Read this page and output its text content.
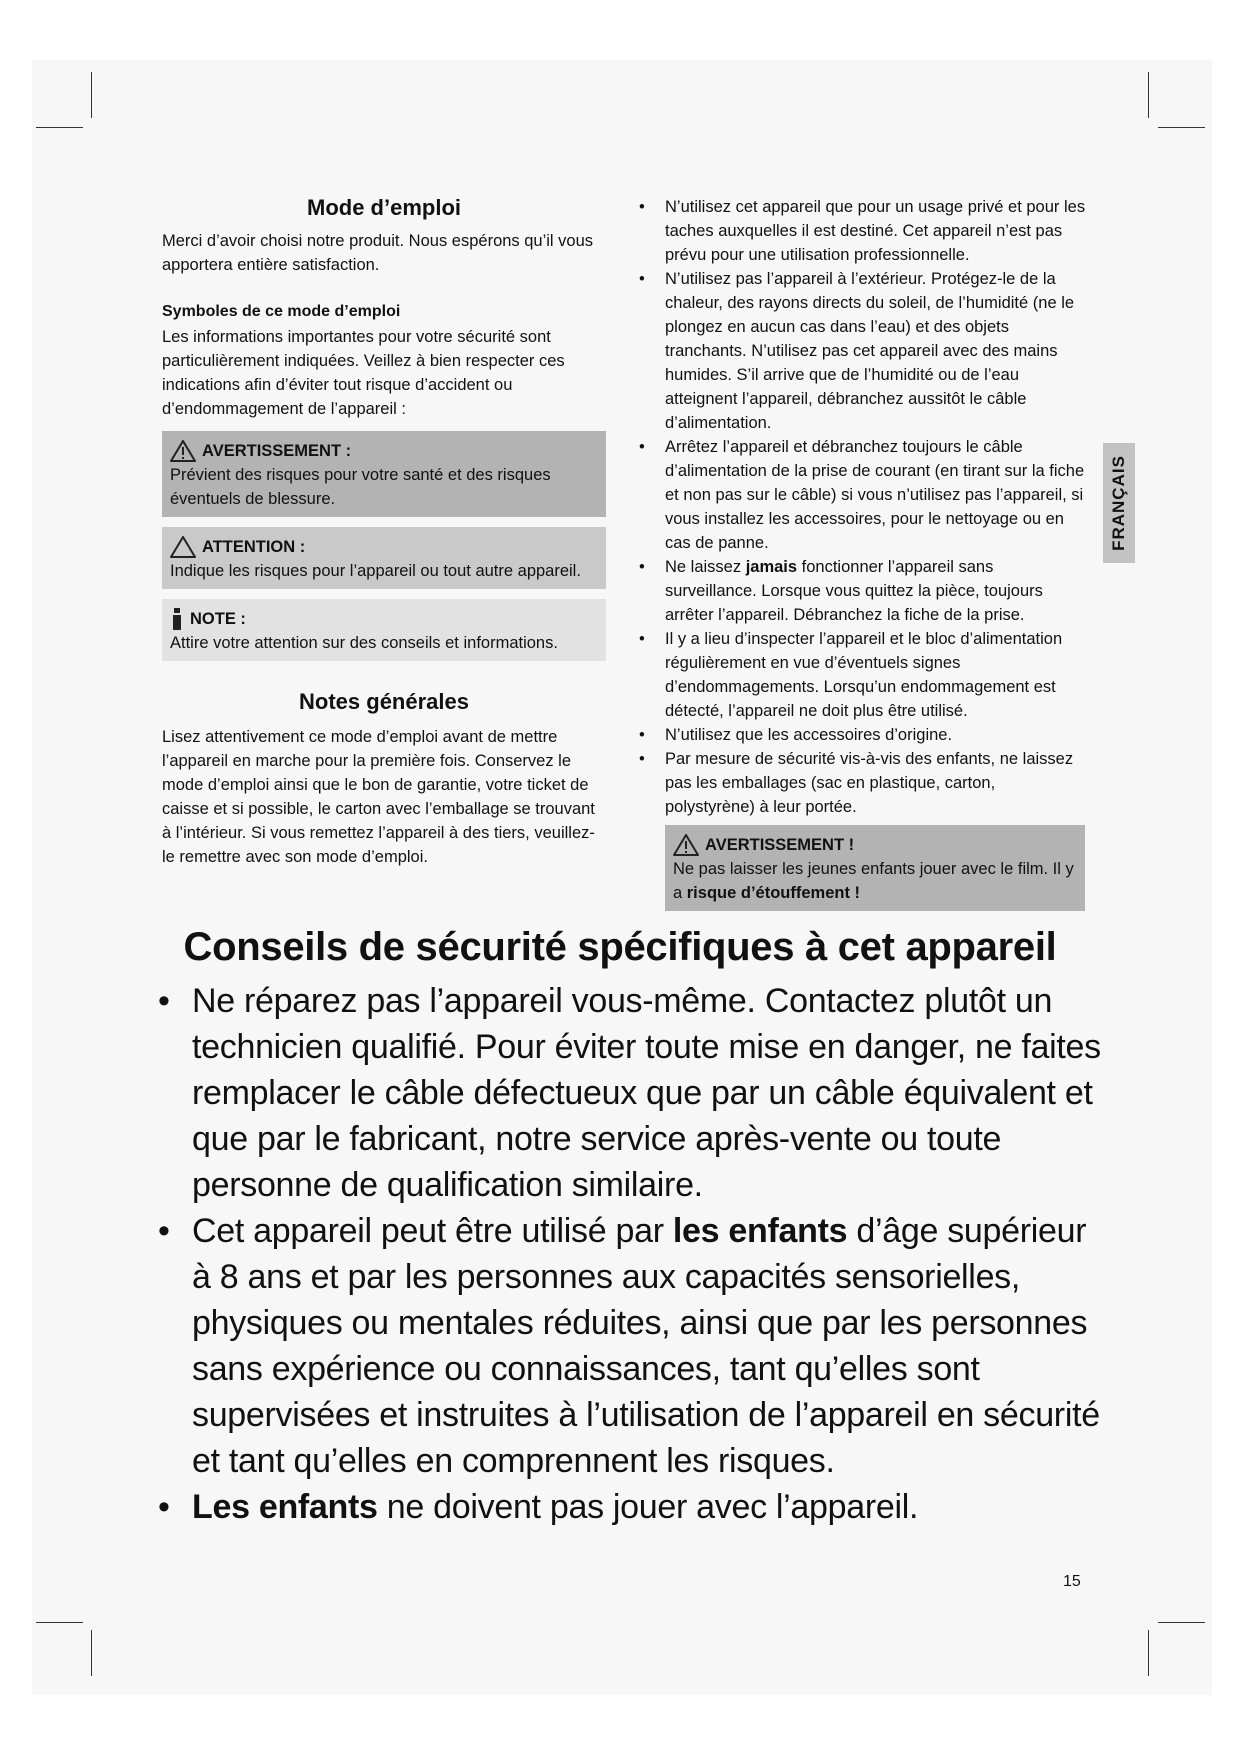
Mode d’emploi

Merci d’avoir choisi notre produit. Nous espérons qu’il vous apportera entière satisfaction.

Symboles de ce mode d’emploi

Les informations importantes pour votre sécurité sont particulièrement indiquées. Veillez à bien respecter ces indications afin d’éviter tout risque d’accident ou d’endommagement de l’appareil :

AVERTISSEMENT :
Prévient des risques pour votre santé et des risques éventuels de blessure.
ATTENTION :
Indique les risques pour l’appareil ou tout autre appareil.
NOTE :
Attire votre attention sur des conseils et informations.
Notes générales

Lisez attentivement ce mode d’emploi avant de mettre l’appareil en marche pour la première fois. Conservez le mode d’emploi ainsi que le bon de garantie, votre ticket de caisse et si possible, le carton avec l’emballage se trouvant à l’intérieur. Si vous remettez l’appareil à des tiers, veuillez-le remettre avec son mode d’emploi.

• N’utilisez cet appareil que pour un usage privé et pour les taches auxquelles il est destiné. Cet appareil n’est pas prévu pour une utilisation professionnelle.
• N’utilisez pas l’appareil à l’extérieur. Protégez-le de la chaleur, des rayons directs du soleil, de l’humidité (ne le plongez en aucun cas dans l’eau) et des objets tranchants. N’utilisez pas cet appareil avec des mains humides. S’il arrive que de l’humidité ou de l’eau atteignent l’appareil, débranchez aussitôt le câble d’alimentation.
• Arrêtez l’appareil et débranchez toujours le câble d’alimentation de la prise de courant (en tirant sur la fiche et non pas sur le câble) si vous n’utilisez pas l’appareil, si vous installez les accessoires, pour le nettoyage ou en cas de panne.
• Ne laissez jamais fonctionner l’appareil sans surveillance. Lorsque vous quittez la pièce, toujours arrêter l’appareil. Débranchez la fiche de la prise.
• Il y a lieu d’inspecter l’appareil et le bloc d’alimentation régulièrement en vue d’éventuels signes d’endommagements. Lorsqu’un endommagement est détecté, l’appareil ne doit plus être utilisé.
• N’utilisez que les accessoires d’origine.
• Par mesure de sécurité vis-à-vis des enfants, ne laissez pas les emballages (sac en plastique, carton, polystyrène) à leur portée.
AVERTISSEMENT !
Ne pas laisser les jeunes enfants jouer avec le film. Il y a risque d’étouffement !
FRANÇAIS
Conseils de sécurité spécifiques à cet appareil
• Ne réparez pas l’appareil vous-même. Contactez plutôt un technicien qualifié. Pour éviter toute mise en danger, ne faites remplacer le câble défectueux que par un câble équivalent et que par le fabricant, notre service après-vente ou toute personne de qualification similaire.
• Cet appareil peut être utilisé par les enfants d’âge supérieur à 8 ans et par les personnes aux capacités sensorielles, physiques ou mentales réduites, ainsi que par les personnes sans expérience ou connaissances, tant qu’elles sont supervisées et instruites à l’utilisation de l’appareil en sécurité et tant qu’elles en comprennent les risques.
• Les enfants ne doivent pas jouer avec l’appareil.
15
